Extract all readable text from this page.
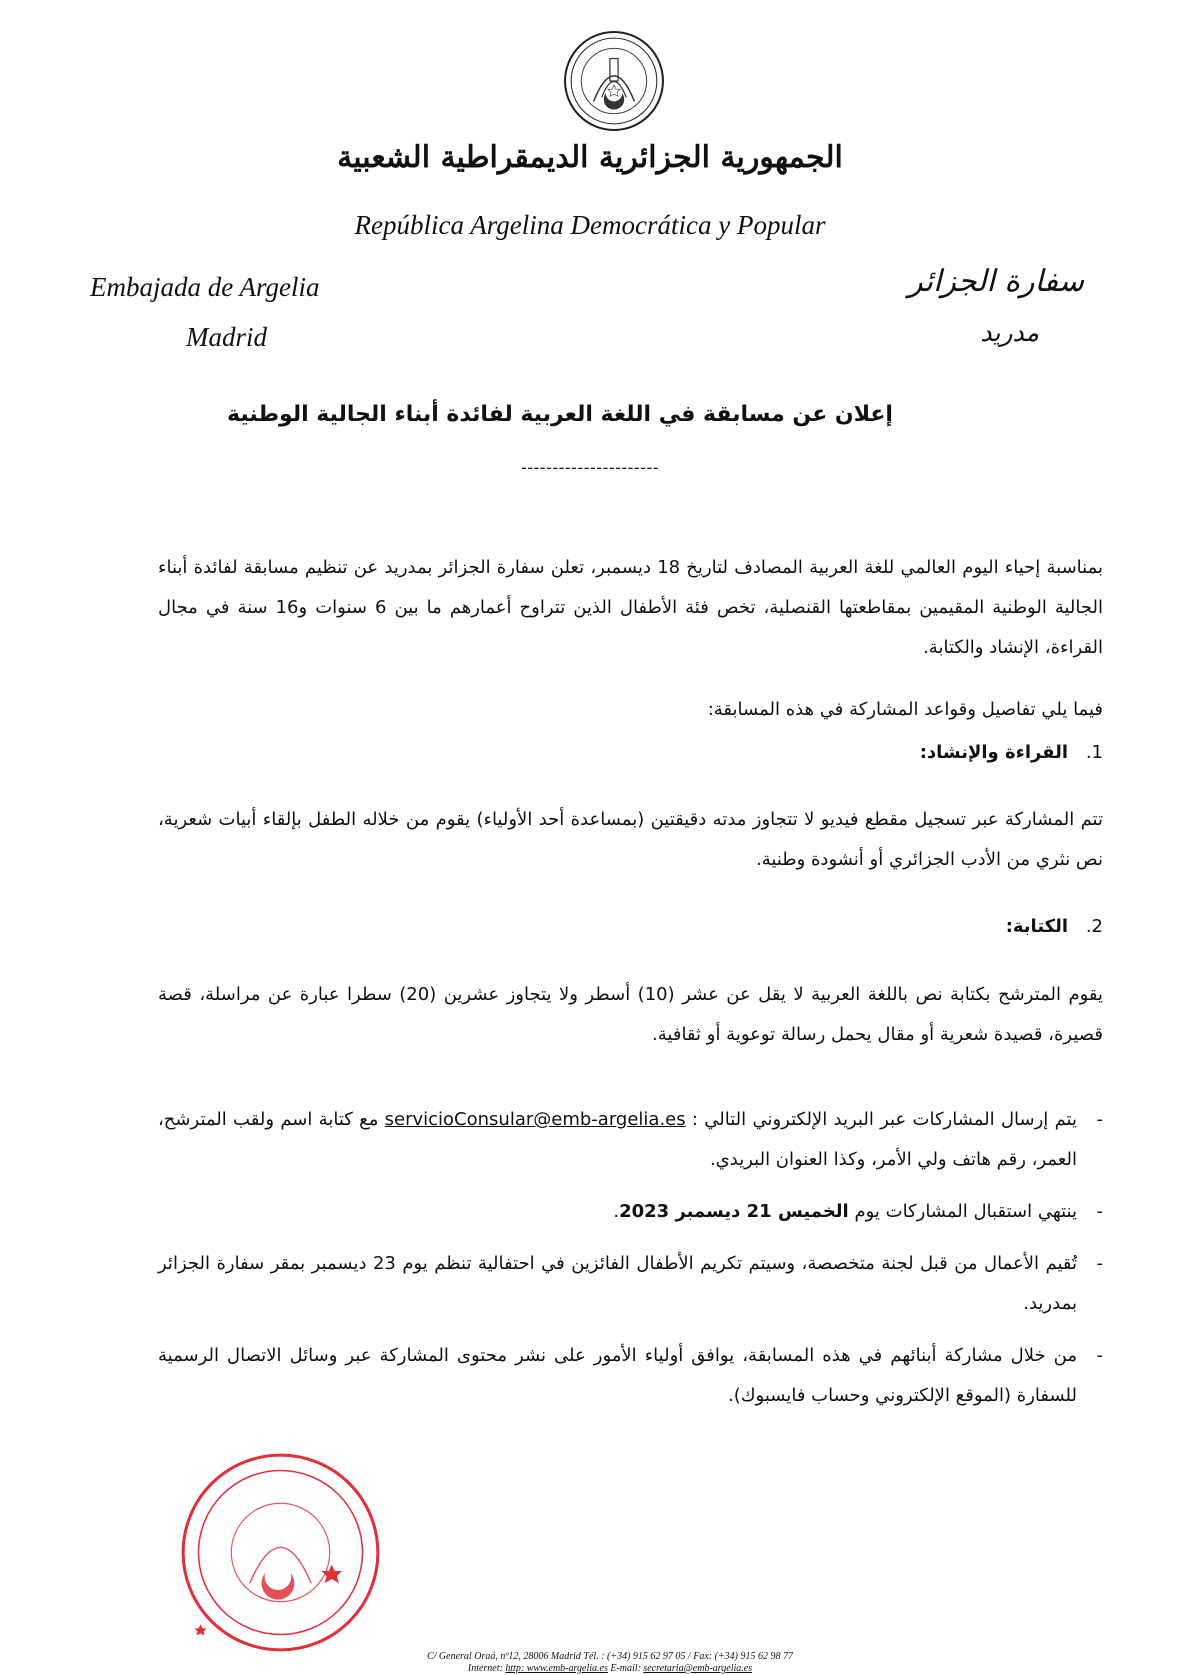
الجمهورية الجزائرية الديمقراطية الشعبية
República Argelina Democrática y Popular
Embajada de Argelia
Madrid
سفارة الجزائر
مدريد
إعلان عن مسابقة في اللغة العربية لفائدة أبناء الجالية الوطنية
----------------------
بمناسبة إحياء اليوم العالمي للغة العربية المصادف لتاريخ 18 ديسمبر، تعلن سفارة الجزائر بمدريد عن تنظيم مسابقة لفائدة أبناء الجالية الوطنية المقيمين بمقاطعتها القنصلية، تخص فئة الأطفال الذين تتراوح أعمارهم ما بين 6 سنوات و16 سنة في مجال القراءة، الإنشاد والكتابة.
فيما يلي تفاصيل وقواعد المشاركة في هذه المسابقة:
1. القراءة والإنشاد:
تتم المشاركة عبر تسجيل مقطع فيديو لا تتجاوز مدته دقيقتين (بمساعدة أحد الأولياء) يقوم من خلاله الطفل بإلقاء أبيات شعرية، نص نثري من الأدب الجزائري أو أنشودة وطنية.
2. الكتابة:
يقوم المترشح بكتابة نص باللغة العربية لا يقل عن عشر (10) أسطر ولا يتجاوز عشرين (20) سطرا عبارة عن مراسلة، قصة قصيرة، قصيدة شعرية أو مقال يحمل رسالة توعوية أو ثقافية.
- يتم إرسال المشاركات عبر البريد الإلكتروني التالي : servicioConsular@emb-argelia.es مع كتابة اسم ولقب المترشح، العمر، رقم هاتف ولي الأمر، وكذا العنوان البريدي.
- ينتهي استقبال المشاركات يوم الخميس 21 ديسمبر 2023.
- تُقيم الأعمال من قبل لجنة متخصصة، وسيتم تكريم الأطفال الفائزين في احتفالية تنظم يوم 23 ديسمبر بمقر سفارة الجزائر بمدريد.
- من خلال مشاركة أبنائهم في هذه المسابقة، يوافق أولياء الأمور على نشر محتوى المشاركة عبر وسائل الاتصال الرسمية للسفارة (الموقع الإلكتروني وحساب فايسبوك).
C/ General Oraá, nº12, 28006 Madrid Tél. : (+34) 915 62 97 05 / Fax: (+34) 915 62 98 77
Internet: http: www.emb-argelia.es E-mail: secretaria@emb-argelia.es
